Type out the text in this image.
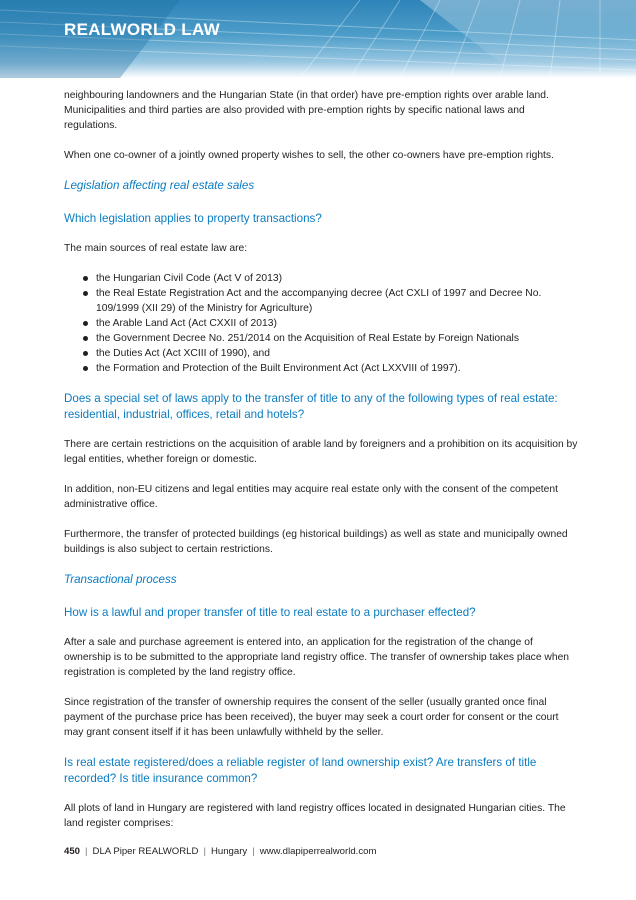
REALWORLD LAW

neighbouring landowners and the Hungarian State (in that order) have pre-emption rights over arable land. Municipalities and third parties are also provided with pre-emption rights by specific national laws and regulations.

When one co-owner of a jointly owned property wishes to sell, the other co-owners have pre-emption rights.

Legislation affecting real estate sales

Which legislation applies to property transactions?

The main sources of real estate law are:

the Hungarian Civil Code (Act V of 2013)
the Real Estate Registration Act and the accompanying decree (Act CXLI of 1997 and Decree No. 109/1999 (XII 29) of the Ministry for Agriculture)
the Arable Land Act (Act CXXII of 2013)
the Government Decree No. 251/2014 on the Acquisition of Real Estate by Foreign Nationals
the Duties Act (Act XCIII of 1990), and
the Formation and Protection of the Built Environment Act (Act LXXVIII of 1997).

Does a special set of laws apply to the transfer of title to any of the following types of real estate: residential, industrial, offices, retail and hotels?

There are certain restrictions on the acquisition of arable land by foreigners and a prohibition on its acquisition by legal entities, whether foreign or domestic.

In addition, non-EU citizens and legal entities may acquire real estate only with the consent of the competent administrative office.

Furthermore, the transfer of protected buildings (eg historical buildings) as well as state and municipally owned buildings is also subject to certain restrictions.

Transactional process

How is a lawful and proper transfer of title to real estate to a purchaser effected?

After a sale and purchase agreement is entered into, an application for the registration of the change of ownership is to be submitted to the appropriate land registry office. The transfer of ownership takes place when registration is completed by the land registry office.

Since registration of the transfer of ownership requires the consent of the seller (usually granted once final payment of the purchase price has been received), the buyer may seek a court order for consent or the court may grant consent itself if it has been unlawfully withheld by the seller.

Is real estate registered/does a reliable register of land ownership exist? Are transfers of title recorded? Is title insurance common?

All plots of land in Hungary are registered with land registry offices located in designated Hungarian cities. The land register comprises:

450 | DLA Piper REALWORLD | Hungary | www.dlapiperrealworld.com
